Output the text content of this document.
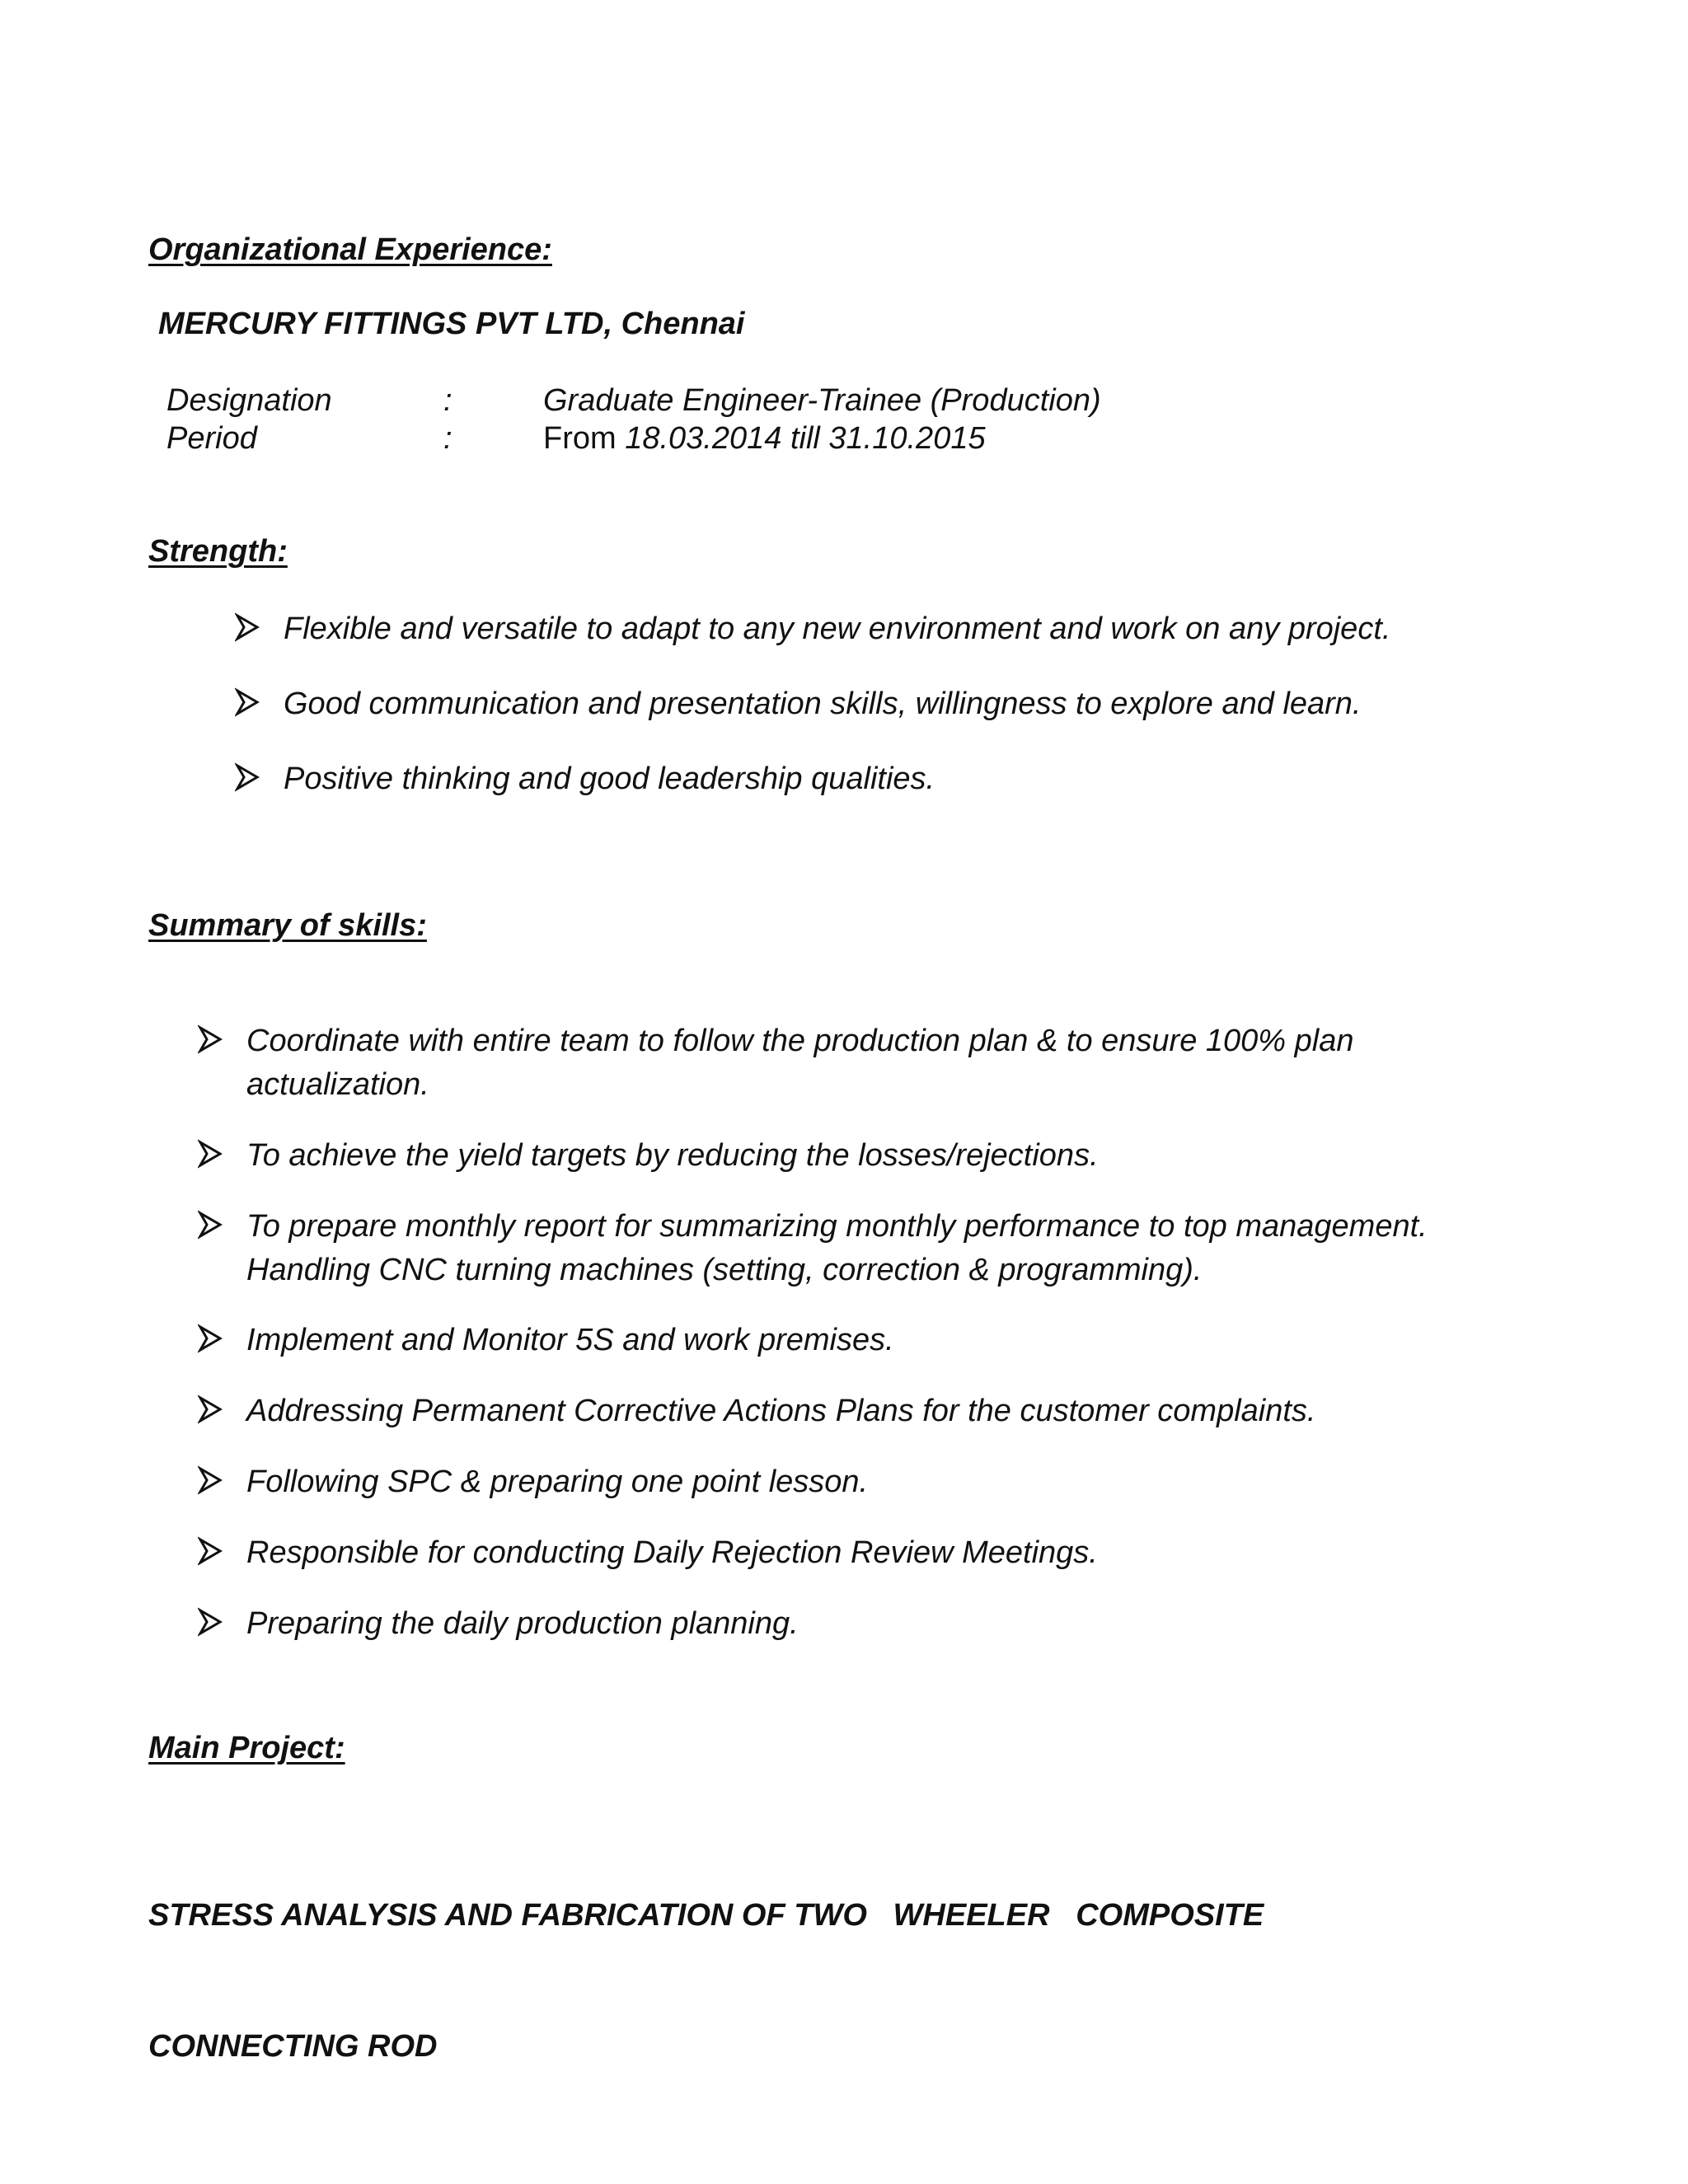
Organizational Experience:
MERCURY FITTINGS PVT LTD, Chennai
Designation	:	Graduate Engineer-Trainee (Production)
Period	:	From 18.03.2014 till 31.10.2015
Strength:
Flexible and versatile to adapt to any new environment and work on any project.
Good communication and presentation skills, willingness to explore and learn.
Positive thinking and good leadership qualities.
Summary of skills:
Coordinate with entire team to follow the production plan & to ensure 100% plan
actualization.
To achieve the yield targets by reducing the losses/rejections.
To prepare monthly report for summarizing monthly performance to top management.
Handling CNC turning machines (setting, correction & programming).
Implement and Monitor 5S and work premises.
Addressing Permanent Corrective Actions Plans for the customer complaints.
Following SPC & preparing one point lesson.
Responsible for conducting Daily Rejection Review Meetings.
Preparing the daily production planning.
Main Project:

STRESS ANALYSIS AND FABRICATION OF TWO   WHEELER   COMPOSITE

CONNECTING ROD
